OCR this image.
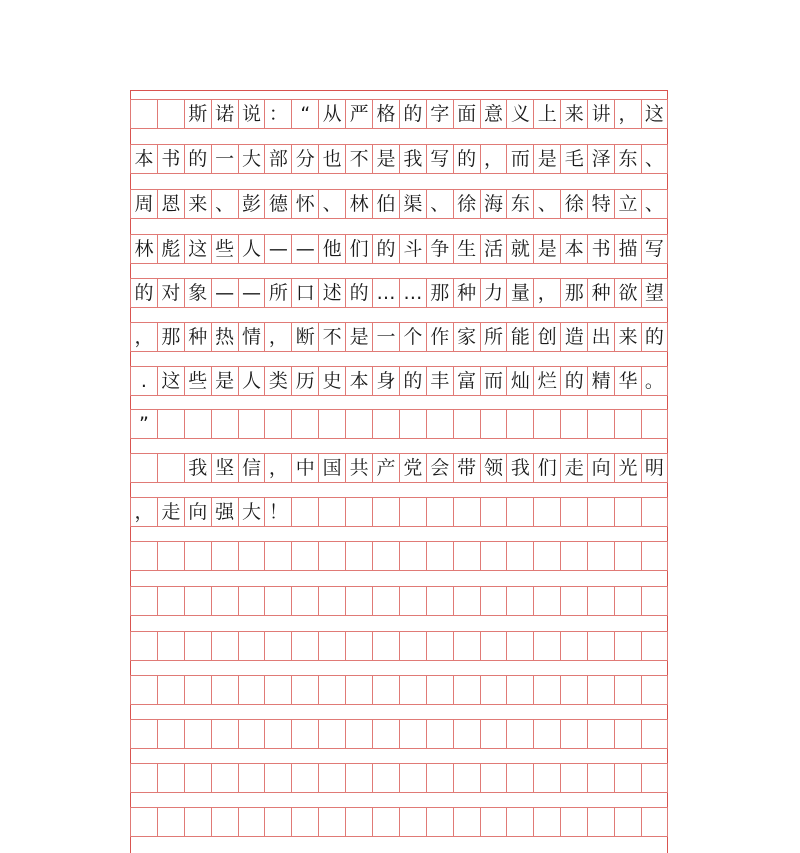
斯 诺 说 ： “ 从 严 格 的 字 面 意 义 上 来 讲 ， 这
本 书 的 一 大 部 分 也 不 是 我 写 的 ， 而 是 毛 泽 东 、
周 恩 来 、 彭 德 怀 、 林 伯 渠 、 徐 海 东 、 徐 特 立 、
林 彪 这 些 人 — — 他 们 的 斗 争 生 活 就 是 本 书 描 写
的 对 象 — — 所 口 述 的 … … 那 种 力 量 ， 那 种 欲 望
， 那 种 热 情 ， 断 不 是 一 个 作 家 所 能 创 造 出 来 的
. 这 些 是 人 类 历 史 本 身 的 丰 富 而 灿 烂 的 精 华 。
”
我 坚 信 ， 中 国 共 产 党 会 带 领 我 们 走 向 光 明
， 走 向 强 大 ！
